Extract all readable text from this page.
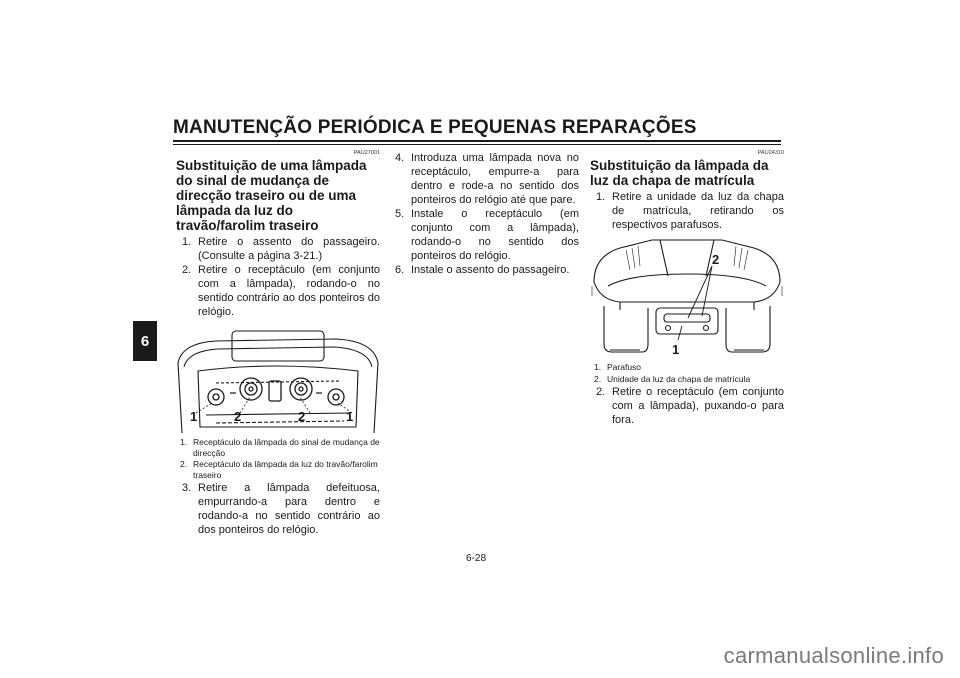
MANUTENÇÃO PERIÓDICA E PEQUENAS REPARAÇÕES
6

PAU27001

Substituição de uma lâmpada do sinal de mudança de direcção traseiro ou de uma lâmpada da luz do travão/farolim traseiro
1. Retire o assento do passageiro. (Consulte a página 3-21.)
2. Retire o receptáculo (em conjunto com a lâmpada), rodando-o no sentido contrário ao dos ponteiros do relógio.
1	2	2	1
1. Receptáculo da lâmpada do sinal de mudança de direcção
2. Receptáculo da lâmpada da luz do travão/farolim traseiro
3. Retire a lâmpada defeituosa, empurrando-a para dentro e rodando-a no sentido contrário ao dos ponteiros do relógio.
4. Introduza uma lâmpada nova no receptáculo, empurre-a para dentro e rode-a no sentido dos ponteiros do relógio até que pare.
5. Instale o receptáculo (em conjunto com a lâmpada), rodando-o no sentido dos ponteiros do relógio.
6. Instale o assento do passageiro.

PAU24310

Substituição da lâmpada da luz da chapa de matrícula
1. Retire a unidade da luz da chapa de matrícula, retirando os respectivos parafusos.
2
1
1. Parafuso
2. Unidade da luz da chapa de matrícula
2. Retire o receptáculo (em conjunto com a lâmpada), puxando-o para fora.
6-28
carmanualsonline.info
